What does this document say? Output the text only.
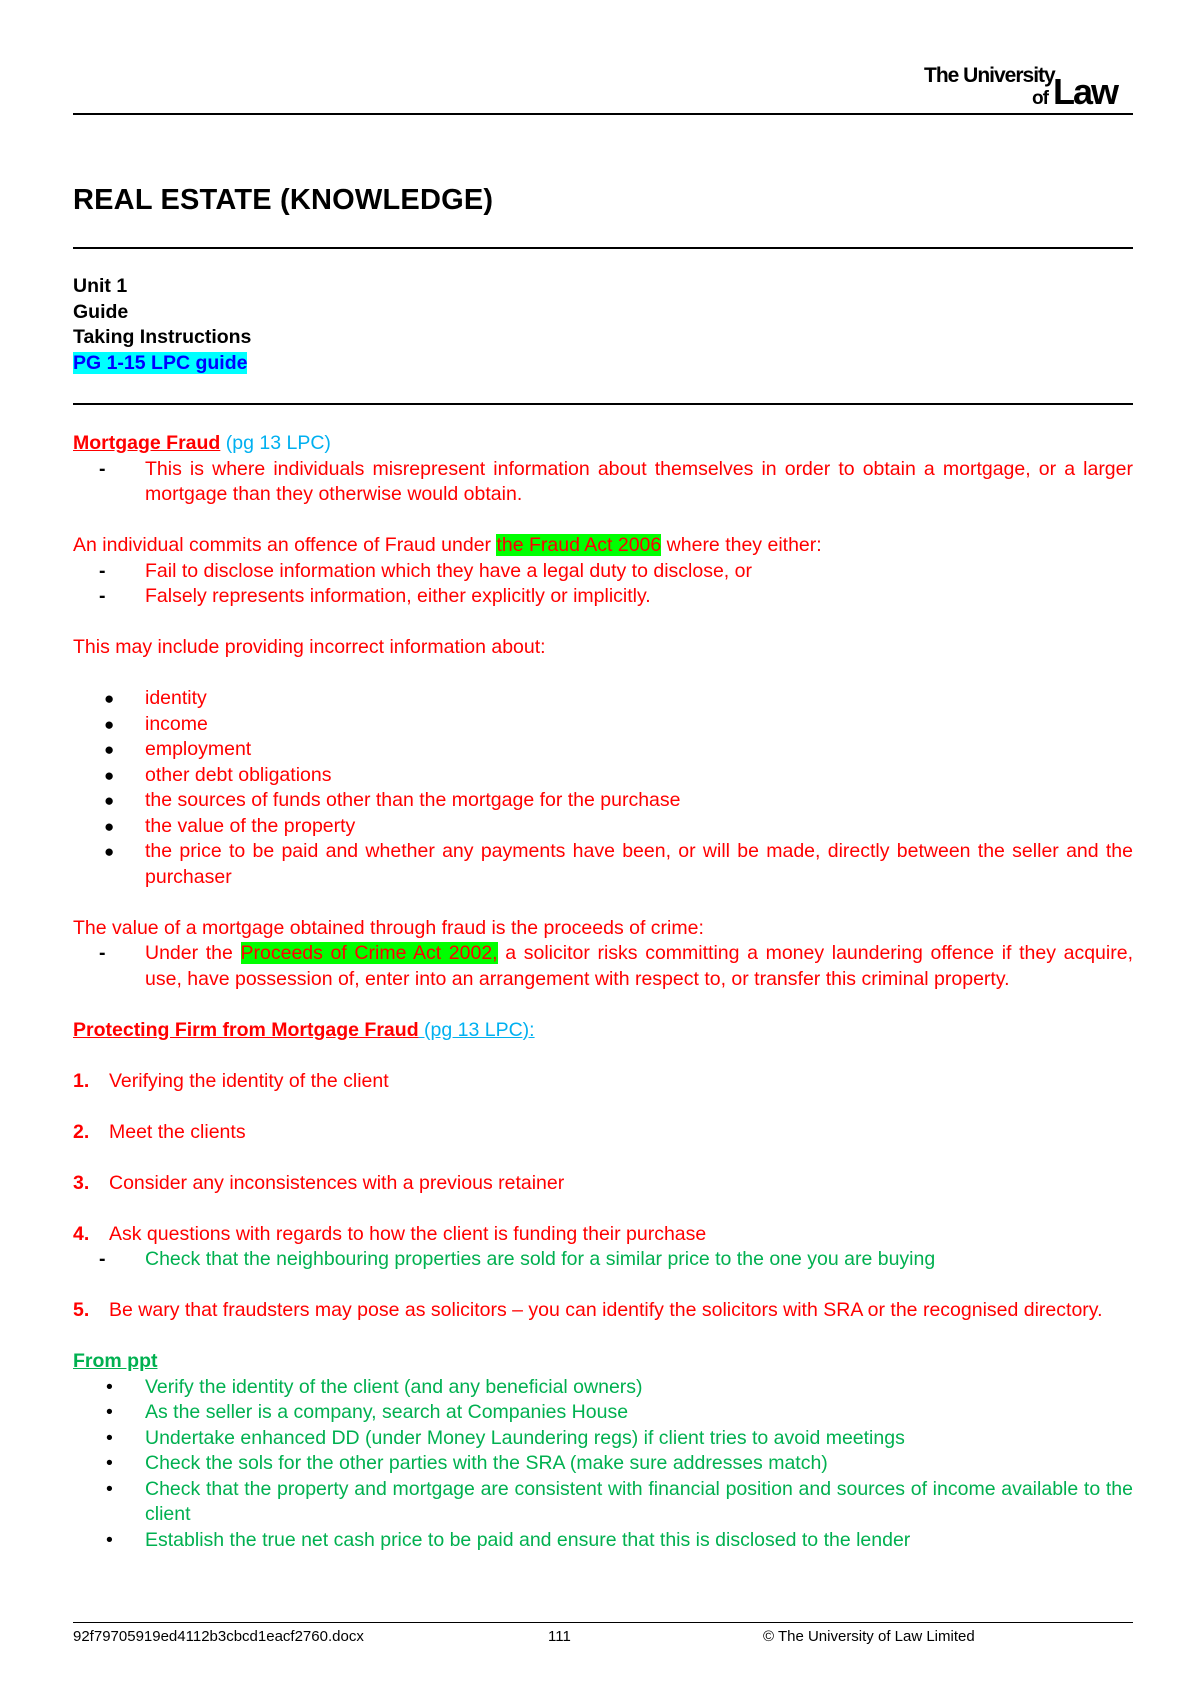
The University
of Law
REAL ESTATE (KNOWLEDGE)
Unit 1
Guide
Taking Instructions
PG 1-15 LPC guide

Mortgage Fraud (pg 13 LPC)

- This is where individuals misrepresent information about themselves in order to obtain a mortgage, or a larger mortgage than they otherwise would obtain.

An individual commits an offence of Fraud under the Fraud Act 2006 where they either:

- Fail to disclose information which they have a legal duty to disclose, or
- Falsely represents information, either explicitly or implicitly.

This may include providing incorrect information about:

● identity
● income
● employment
● other debt obligations
● the sources of funds other than the mortgage for the purchase
● the value of the property
● the price to be paid and whether any payments have been, or will be made, directly between the seller and the purchaser

The value of a mortgage obtained through fraud is the proceeds of crime:

- Under the Proceeds of Crime Act 2002, a solicitor risks committing a money laundering offence if they acquire, use, have possession of, enter into an arrangement with respect to, or transfer this criminal property.

Protecting Firm from Mortgage Fraud (pg 13 LPC):

1. Verifying the identity of the client
2. Meet the clients
3. Consider any inconsistences with a previous retainer
4. Ask questions with regards to how the client is funding their purchase
- Check that the neighbouring properties are sold for a similar price to the one you are buying
5. Be wary that fraudsters may pose as solicitors – you can identify the solicitors with SRA or the recognised directory.

From ppt

• Verify the identity of the client (and any beneficial owners)
• As the seller is a company, search at Companies House
• Undertake enhanced DD (under Money Laundering regs) if client tries to avoid meetings
• Check the sols for the other parties with the SRA (make sure addresses match)
• Check that the property and mortgage are consistent with financial position and sources of income available to the client
• Establish the true net cash price to be paid and ensure that this is disclosed to the lender
92f79705919ed4112b3cbcd1eacf2760.docx	111	© The University of Law Limited
